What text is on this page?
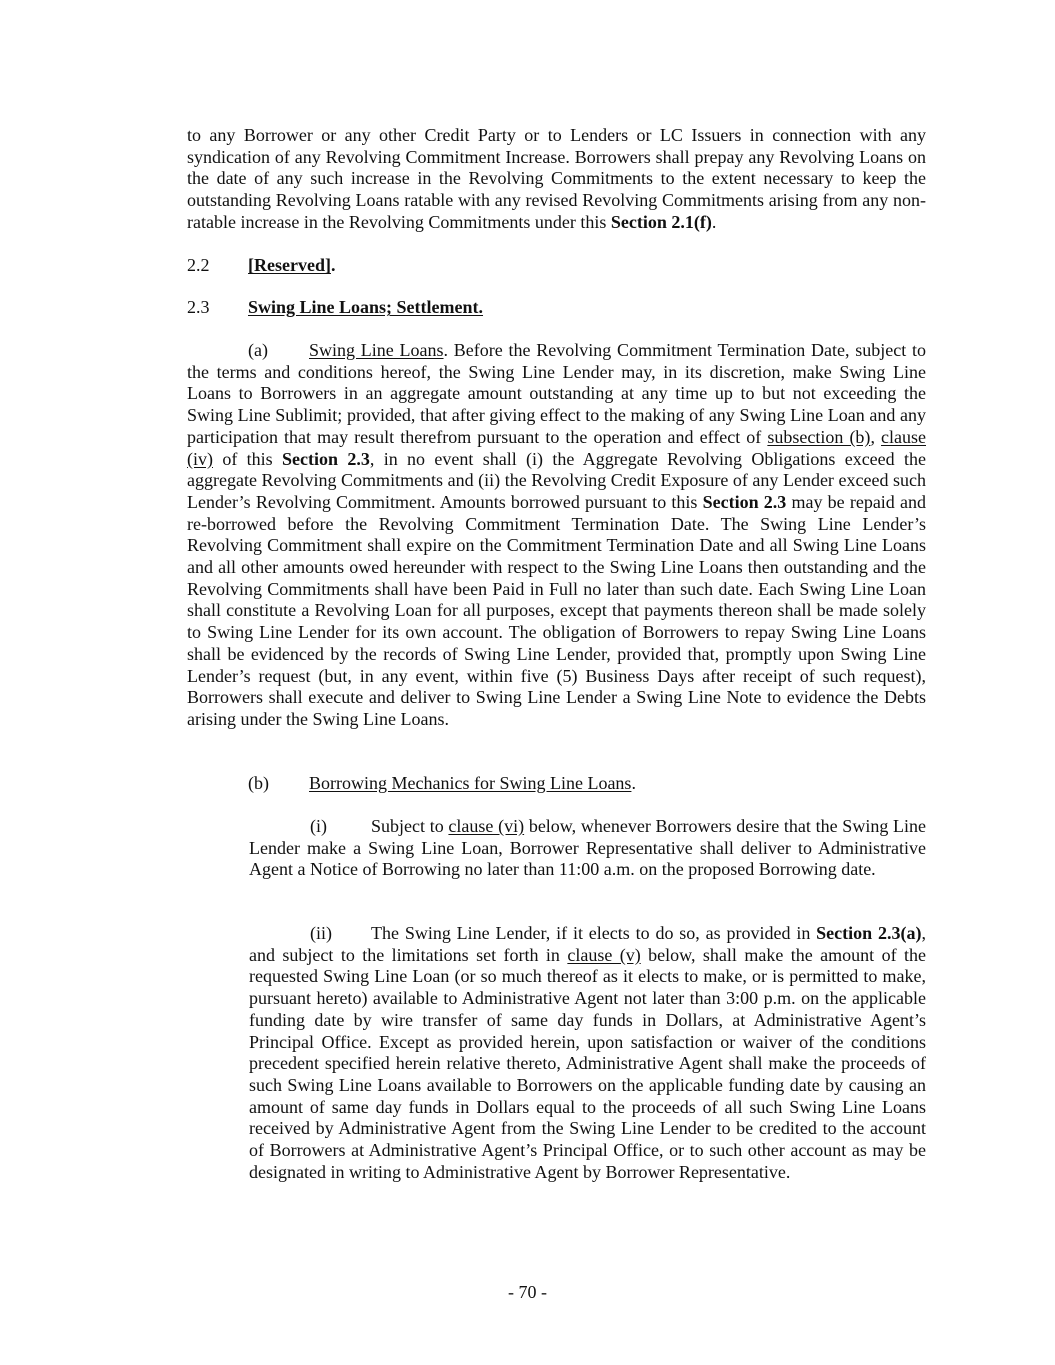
to any Borrower or any other Credit Party or to Lenders or LC Issuers in connection with any syndication of any Revolving Commitment Increase. Borrowers shall prepay any Revolving Loans on the date of any such increase in the Revolving Commitments to the extent necessary to keep the outstanding Revolving Loans ratable with any revised Revolving Commitments arising from any non-ratable increase in the Revolving Commitments under this Section 2.1(f).

2.2 [Reserved].

2.3 Swing Line Loans; Settlement.

(a) Swing Line Loans. Before the Revolving Commitment Termination Date, subject to the terms and conditions hereof, the Swing Line Lender may, in its discretion, make Swing Line Loans to Borrowers in an aggregate amount outstanding at any time up to but not exceeding the Swing Line Sublimit; provided, that after giving effect to the making of any Swing Line Loan and any participation that may result therefrom pursuant to the operation and effect of subsection (b), clause (iv) of this Section 2.3, in no event shall (i) the Aggregate Revolving Obligations exceed the aggregate Revolving Commitments and (ii) the Revolving Credit Exposure of any Lender exceed such Lender’s Revolving Commitment. Amounts borrowed pursuant to this Section 2.3 may be repaid and re-borrowed before the Revolving Commitment Termination Date. The Swing Line Lender’s Revolving Commitment shall expire on the Commitment Termination Date and all Swing Line Loans and all other amounts owed hereunder with respect to the Swing Line Loans then outstanding and the Revolving Commitments shall have been Paid in Full no later than such date. Each Swing Line Loan shall constitute a Revolving Loan for all purposes, except that payments thereon shall be made solely to Swing Line Lender for its own account. The obligation of Borrowers to repay Swing Line Loans shall be evidenced by the records of Swing Line Lender, provided that, promptly upon Swing Line Lender’s request (but, in any event, within five (5) Business Days after receipt of such request), Borrowers shall execute and deliver to Swing Line Lender a Swing Line Note to evidence the Debts arising under the Swing Line Loans.

(b) Borrowing Mechanics for Swing Line Loans.

(i) Subject to clause (vi) below, whenever Borrowers desire that the Swing Line Lender make a Swing Line Loan, Borrower Representative shall deliver to Administrative Agent a Notice of Borrowing no later than 11:00 a.m. on the proposed Borrowing date.

(ii) The Swing Line Lender, if it elects to do so, as provided in Section 2.3(a), and subject to the limitations set forth in clause (v) below, shall make the amount of the requested Swing Line Loan (or so much thereof as it elects to make, or is permitted to make, pursuant hereto) available to Administrative Agent not later than 3:00 p.m. on the applicable funding date by wire transfer of same day funds in Dollars, at Administrative Agent’s Principal Office. Except as provided herein, upon satisfaction or waiver of the conditions precedent specified herein relative thereto, Administrative Agent shall make the proceeds of such Swing Line Loans available to Borrowers on the applicable funding date by causing an amount of same day funds in Dollars equal to the proceeds of all such Swing Line Loans received by Administrative Agent from the Swing Line Lender to be credited to the account of Borrowers at Administrative Agent’s Principal Office, or to such other account as may be designated in writing to Administrative Agent by Borrower Representative.

- 70 -
